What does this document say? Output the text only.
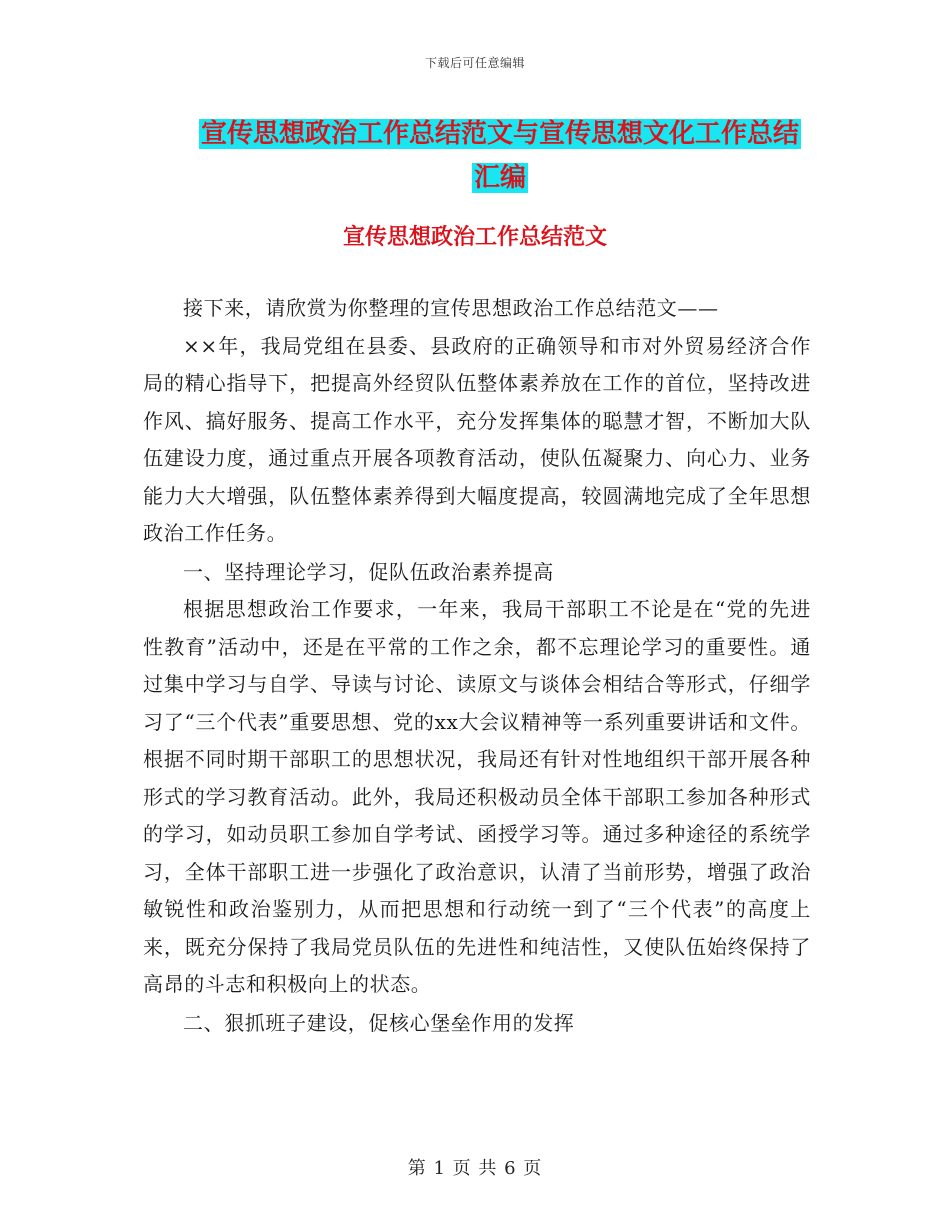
下载后可任意编辑
宣传思想政治工作总结范文与宣传思想文化工作总结
汇编
宣传思想政治工作总结范文

接下来，请欣赏为你整理的宣传思想政治工作总结范文——

××年，我局党组在县委、县政府的正确领导和市对外贸易经济合作局的精心指导下，把提高外经贸队伍整体素养放在工作的首位，坚持改进作风、搞好服务、提高工作水平，充分发挥集体的聪慧才智，不断加大队伍建设力度，通过重点开展各项教育活动，使队伍凝聚力、向心力、业务能力大大增强，队伍整体素养得到大幅度提高，较圆满地完成了全年思想政治工作任务。

一、坚持理论学习，促队伍政治素养提高

根据思想政治工作要求，一年来，我局干部职工不论是在“党的先进性教育”活动中，还是在平常的工作之余，都不忘理论学习的重要性。通过集中学习与自学、导读与讨论、读原文与谈体会相结合等形式，仔细学习了“三个代表”重要思想、党的xx大会议精神等一系列重要讲话和文件。根据不同时期干部职工的思想状况，我局还有针对性地组织干部开展各种形式的学习教育活动。此外，我局还积极动员全体干部职工参加各种形式的学习，如动员职工参加自学考试、函授学习等。通过多种途径的系统学习，全体干部职工进一步强化了政治意识，认清了当前形势，增强了政治敏锐性和政治鉴别力，从而把思想和行动统一到了“三个代表”的高度上来，既充分保持了我局党员队伍的先进性和纯洁性，又使队伍始终保持了高昂的斗志和积极向上的状态。

二、狠抓班子建设，促核心堡垒作用的发挥

第 1 页 共 6 页
